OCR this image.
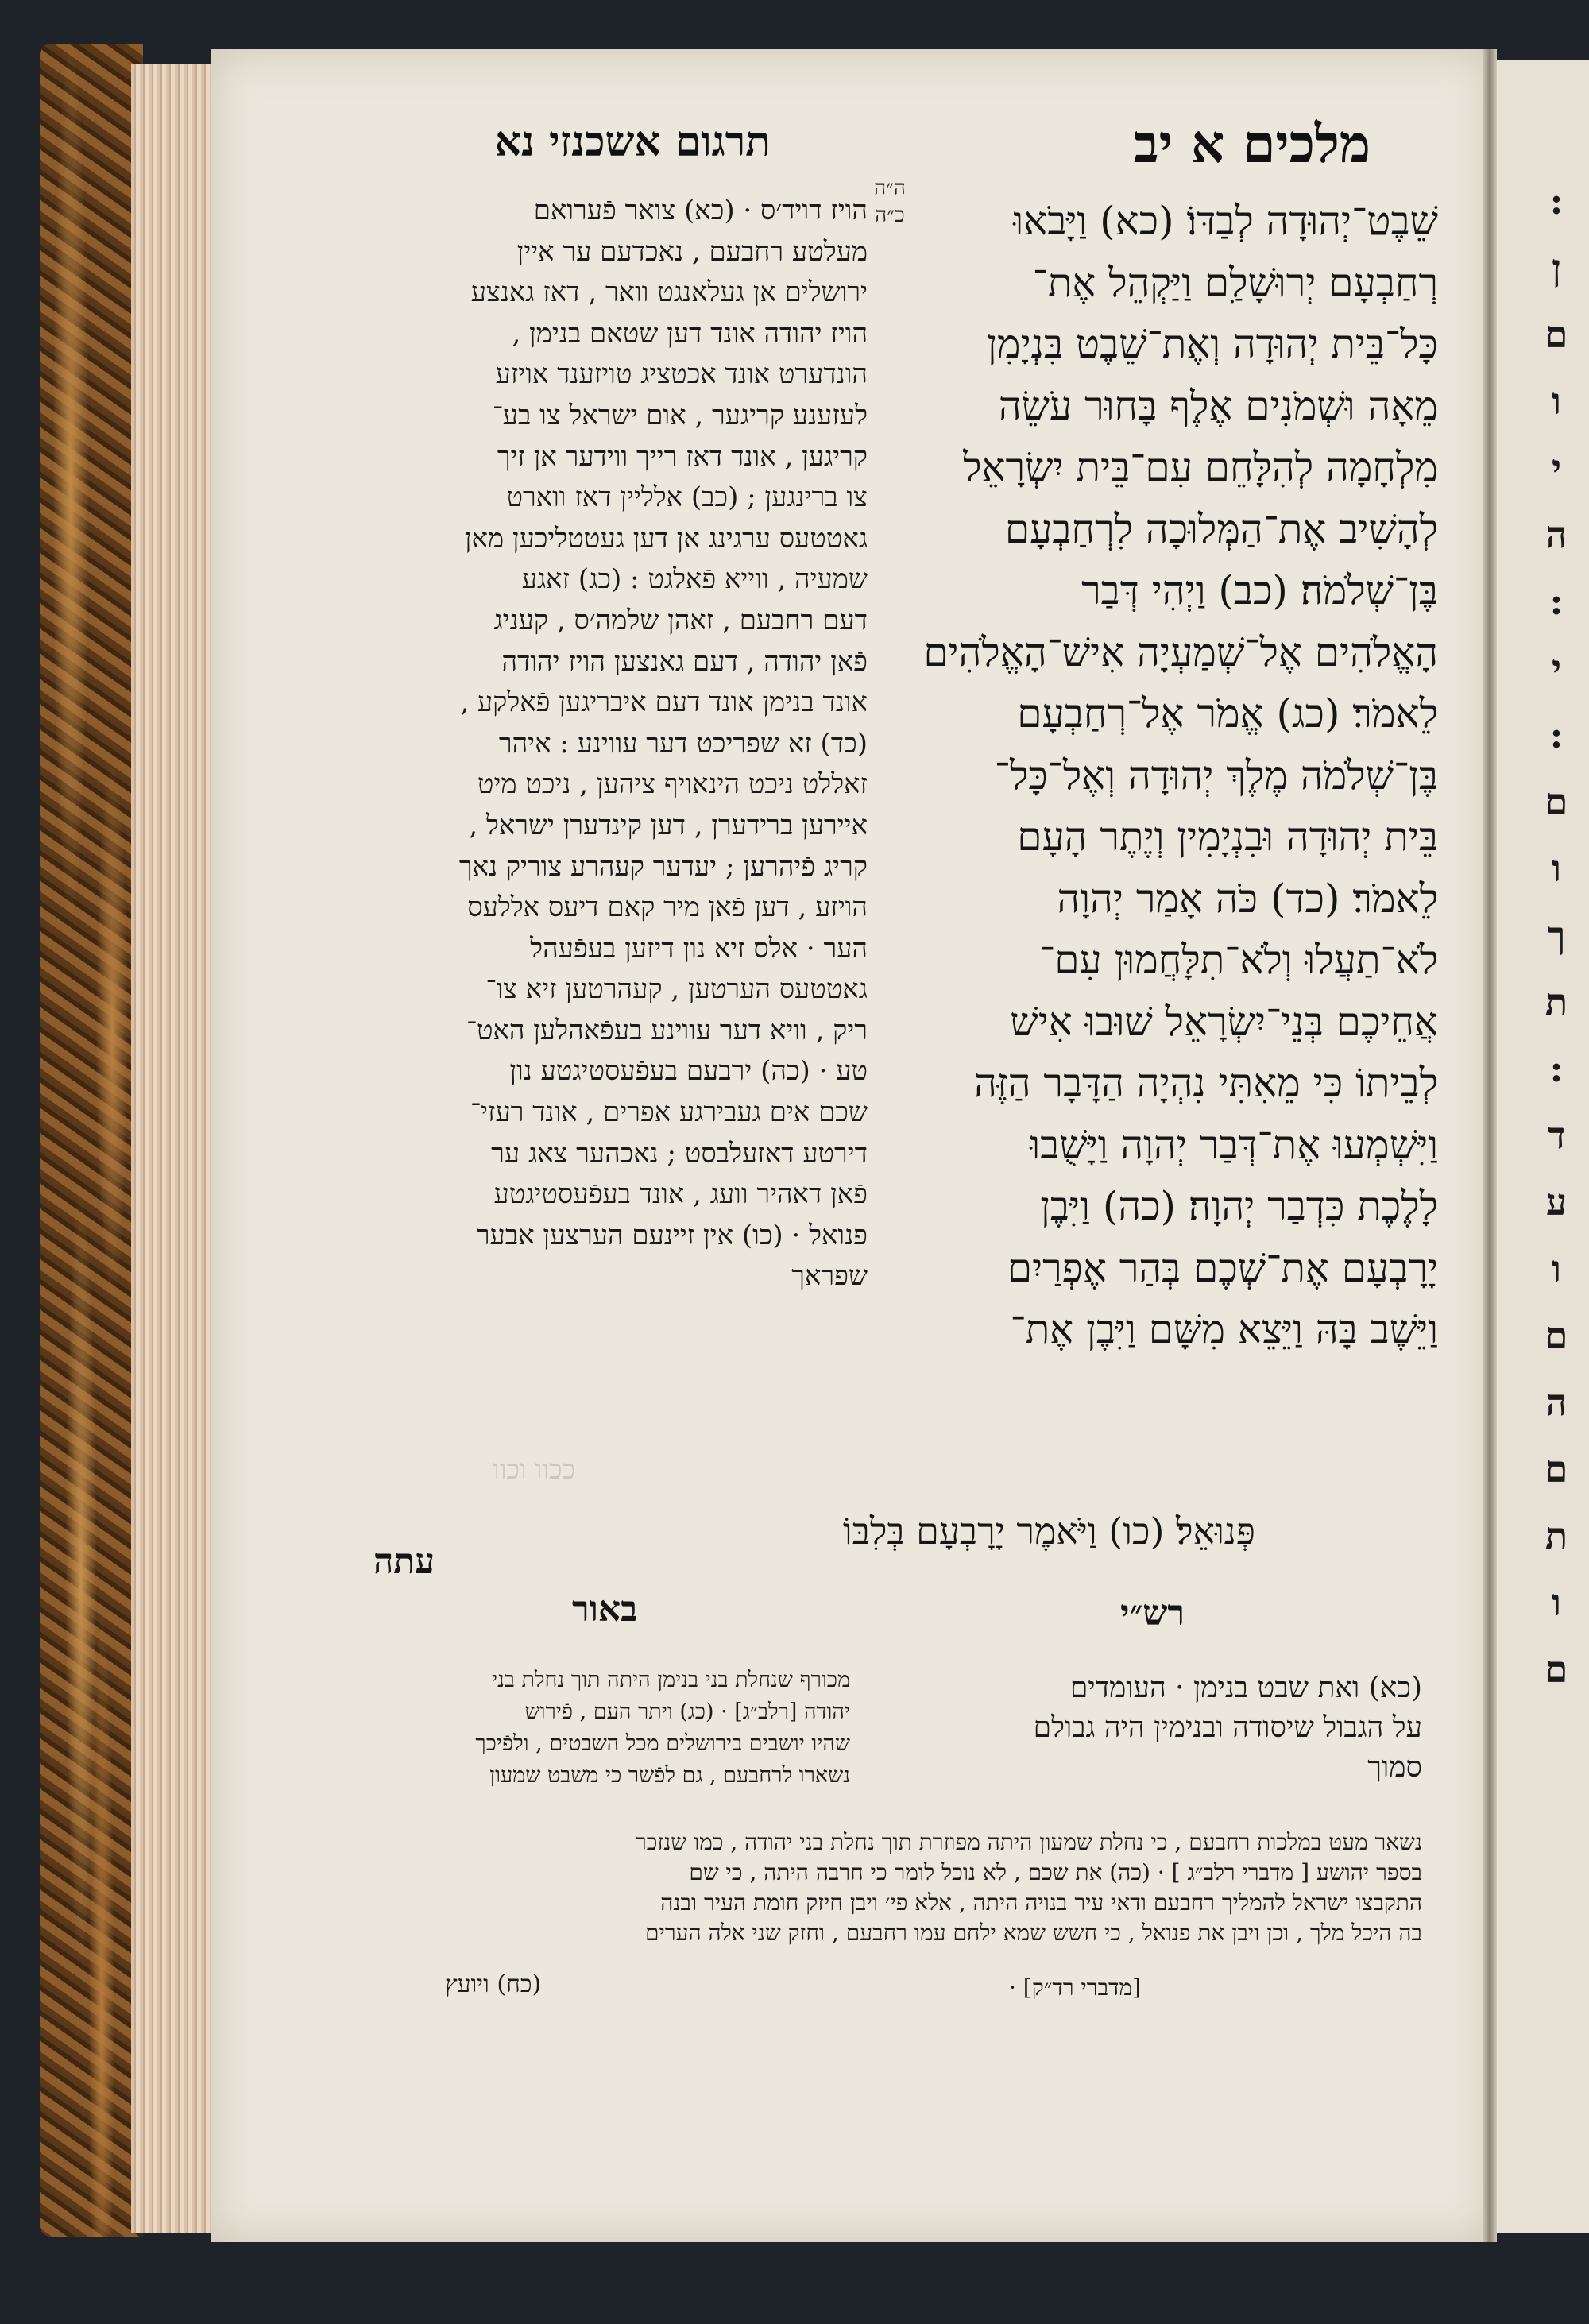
:
ן
ם
ו
י
ה
:
י
:
ם
ו
ך
ת
:
ד
ע
ו
ם
ה
ם
ת
ו
ם
מלכים א יב
תרגום אשכנזי נא
ה״ה כ״ה	שֵׁבֶט־יְהוּדָה לְבַדּוֹ׃ (כא) וַיָּבֹאוּ
רְחַבְעָם יְרוּשָׁלִַם וַיַּקְהֵל אֶת־
כָּל־בֵּית יְהוּדָה וְאֶת־שֵׁבֶט בִּנְיָמִן
מֵאָה וּשְׁמֹנִים אֶלֶף בָּחוּר עֹשֵׂה
מִלְחָמָה לְהִלָּחֵם עִם־בֵּית יִשְׂרָאֵל
לְהָשִׁיב אֶת־הַמְּלוּכָה לִרְחַבְעָם
בֶּן־שְׁלֹמֹה׃ (כב) וַיְהִי דְּבַר
הָאֱלֹהִים אֶל־שְׁמַעְיָה אִישׁ־הָאֱלֹהִים
לֵאמֹר׃ (כג) אֱמֹר אֶל־רְחַבְעָם
בֶּן־שְׁלֹמֹה מֶלֶךְ יְהוּדָה וְאֶל־כָּל־
בֵּית יְהוּדָה וּבִנְיָמִין וְיֶתֶר הָעָם
לֵאמֹר׃ (כד) כֹּה אָמַר יְהוָה
לֹא־תַעֲלוּ וְלֹא־תִלָּחֲמוּן עִם־
אֲחֵיכֶם בְּנֵי־יִשְׂרָאֵל שׁוּבוּ אִישׁ
לְבֵיתוֹ כִּי מֵאִתִּי נִהְיָה הַדָּבָר הַזֶּה
וַיִּשְׁמְעוּ אֶת־דְּבַר יְהוָה וַיָּשֻׁבוּ
לָלֶכֶת כִּדְבַר יְהוָה׃ (כה) וַיִּבֶן
יָרָבְעָם אֶת־שְׁכֶם בְּהַר אֶפְרַיִם
וַיֵּשֶׁב בָּהּ וַיֵּצֵא מִשָּׁם וַיִּבֶן אֶת־
הויז דויד׳ס · (כא) צואר פֿערואם
מעלטע רחבעם , נאכדעם ער איין
ירושלים אן געלאנגט וואר , דאז גאנצע
הויז יהודה אונד דען שטאם בנימן ,
הונדערט אונד אכטציג טויזענד אויזע
לעזענע קריגער , אום ישראל צו בע־
קריגען , אונד דאז רייך ווידער אן זיך
צו ברינגען ; (כב) אלליין דאז ווארט
גאטטעס ערגינג אן דען געטטליכען מאן
שמעיה , ווייא פֿאלגט : (כג) זאגע
דעם רחבעם , זאהן שלמה׳ס , קעניג
פֿאן יהודה , דעם גאנצען הויז יהודה
אונד בנימן אונד דעם איבריגען פֿאלקע ,
(כד) זא שפריכט דער עווינע : איהר
זאללט ניכט הינאויף ציהען , ניכט מיט
איירען ברידערן , דען קינדערן ישראל ,
קריג פֿיהרען ; יעדער קעהרע צוריק נאך
הויזע , דען פֿאן מיר קאם דיעס אללעס
הער · אלס זיא נון דיזען בעפֿעהל
גאטטעס הערטען , קעהרטען זיא צו־
ריק , וויא דער עווינע בעפֿאהלען האט־
טע · (כה) ירבעם בעפֿעסטיגטע נון
שכם אים געבירגע אפרים , אונד רעזי־
דירטע דאזעלבסט ; נאכהער צאג ער
פֿאן דאהיר וועג , אונד בעפֿעסטיגטע
פנואל · (כו) אין זיינעם הערצען אבער
שפראך
פְּנוּאֵל׃ (כו) וַיֹּאמֶר יָרָבְעָם בְּלִבּוֹ
ככוו וכוו
עתה
באור	רש״י
(כא) ואת שבט בנימן · העומדים
על הגבול שיסודה ובנימין היה גבולם
סמוך
מכורף שנחלת בני בנימן היתה תוך נחלת בני
יהודה [רלב״ג] · (כג) ויתר העם , פֿירוש
שהיו יושבים בירושלים מכל השבטים , ולפֿיכך
נשארו לרחבעם , גם לפֿשר כי משבט שמעון
נשאר מעט במלכות רחבעם , כי נחלת שמעון היתה מפוזרת תוך נחלת בני יהודה , כמו שנזכר
בספר יהושע [ מדברי רלב״ג ] · (כה) את שכם , לא נוכל לומר כי חרבה היתה , כי שם
התקבצו ישראל להמליך רחבעם ודאי עיר בנויה היתה , אלא פי׳ ויבן חיזק חומת העיר ובנה
בה היכל מלך , וכן ויבן את פנואל , כי חשש שמא ילחם עמו רחבעם , וחזק שני אלה הערים
[מדברי רד״ק] ·
(כח) ויועץ
